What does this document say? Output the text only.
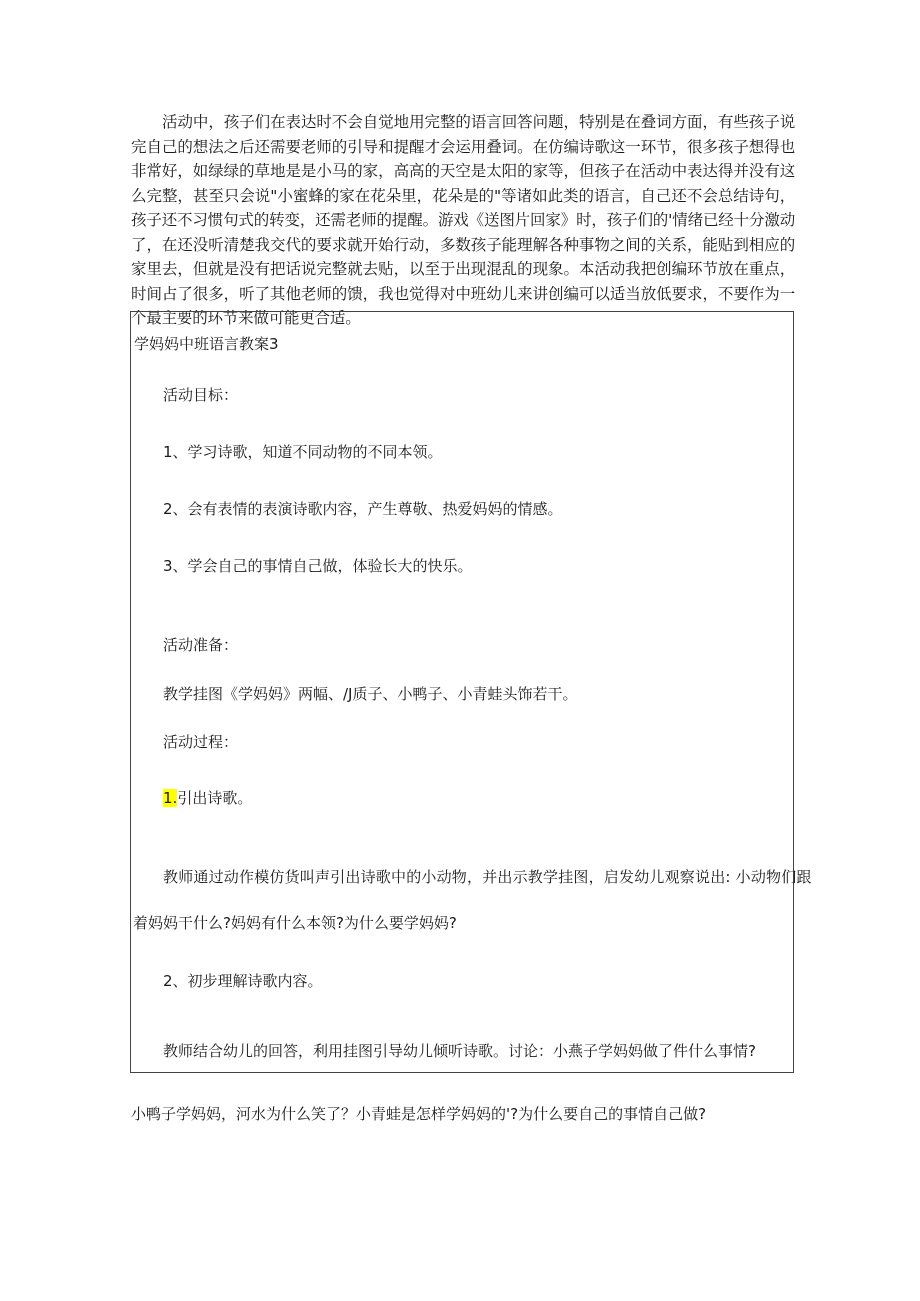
活动中，孩子们在表达时不会自觉地用完整的语言回答问题，特别是在叠词方面，有些孩子说完自己的想法之后还需要老师的引导和提醒才会运用叠词。在仿编诗歌这一环节，很多孩子想得也非常好，如绿绿的草地是是小马的家，高高的天空是太阳的家等，但孩子在活动中表达得并没有这么完整，甚至只会说"小蜜蜂的家在花朵里，花朵是的"等诸如此类的语言，自己还不会总结诗句，孩子还不习惯句式的转变，还需老师的提醒。游戏《送图片回家》时，孩子们的'情绪已经十分激动了，在还没听清楚我交代的要求就开始行动，多数孩子能理解各种事物之间的关系，能贴到相应的家里去，但就是没有把话说完整就去贴，以至于出现混乱的现象。本活动我把创编环节放在重点，时间占了很多，听了其他老师的馈，我也觉得对中班幼儿来讲创编可以适当放低要求，不要作为一个最主要的环节来做可能更合适。

学妈妈中班语言教案3

活动目标：

1、学习诗歌，知道不同动物的不同本领。

2、会有表情的表演诗歌内容，产生尊敬、热爱妈妈的情感。

3、学会自己的事情自己做，体验长大的快乐。

活动准备：

教学挂图《学妈妈》两幅、/J质子、小鸭子、小青蛙头饰若干。

活动过程：

1.引出诗歌。

教师通过动作模仿货叫声引出诗歌中的小动物，并出示教学挂图，启发幼儿观察说出: 小动物们跟

着妈妈干什么?妈妈有什么本领?为什么要学妈妈?

2、初步理解诗歌内容。

教师结合幼儿的回答，利用挂图引导幼儿倾听诗歌。讨论：小燕子学妈妈做了件什么事情?

小鸭子学妈妈，河水为什么笑了？小青蛙是怎样学妈妈的'?为什么要自己的事情自己做?
